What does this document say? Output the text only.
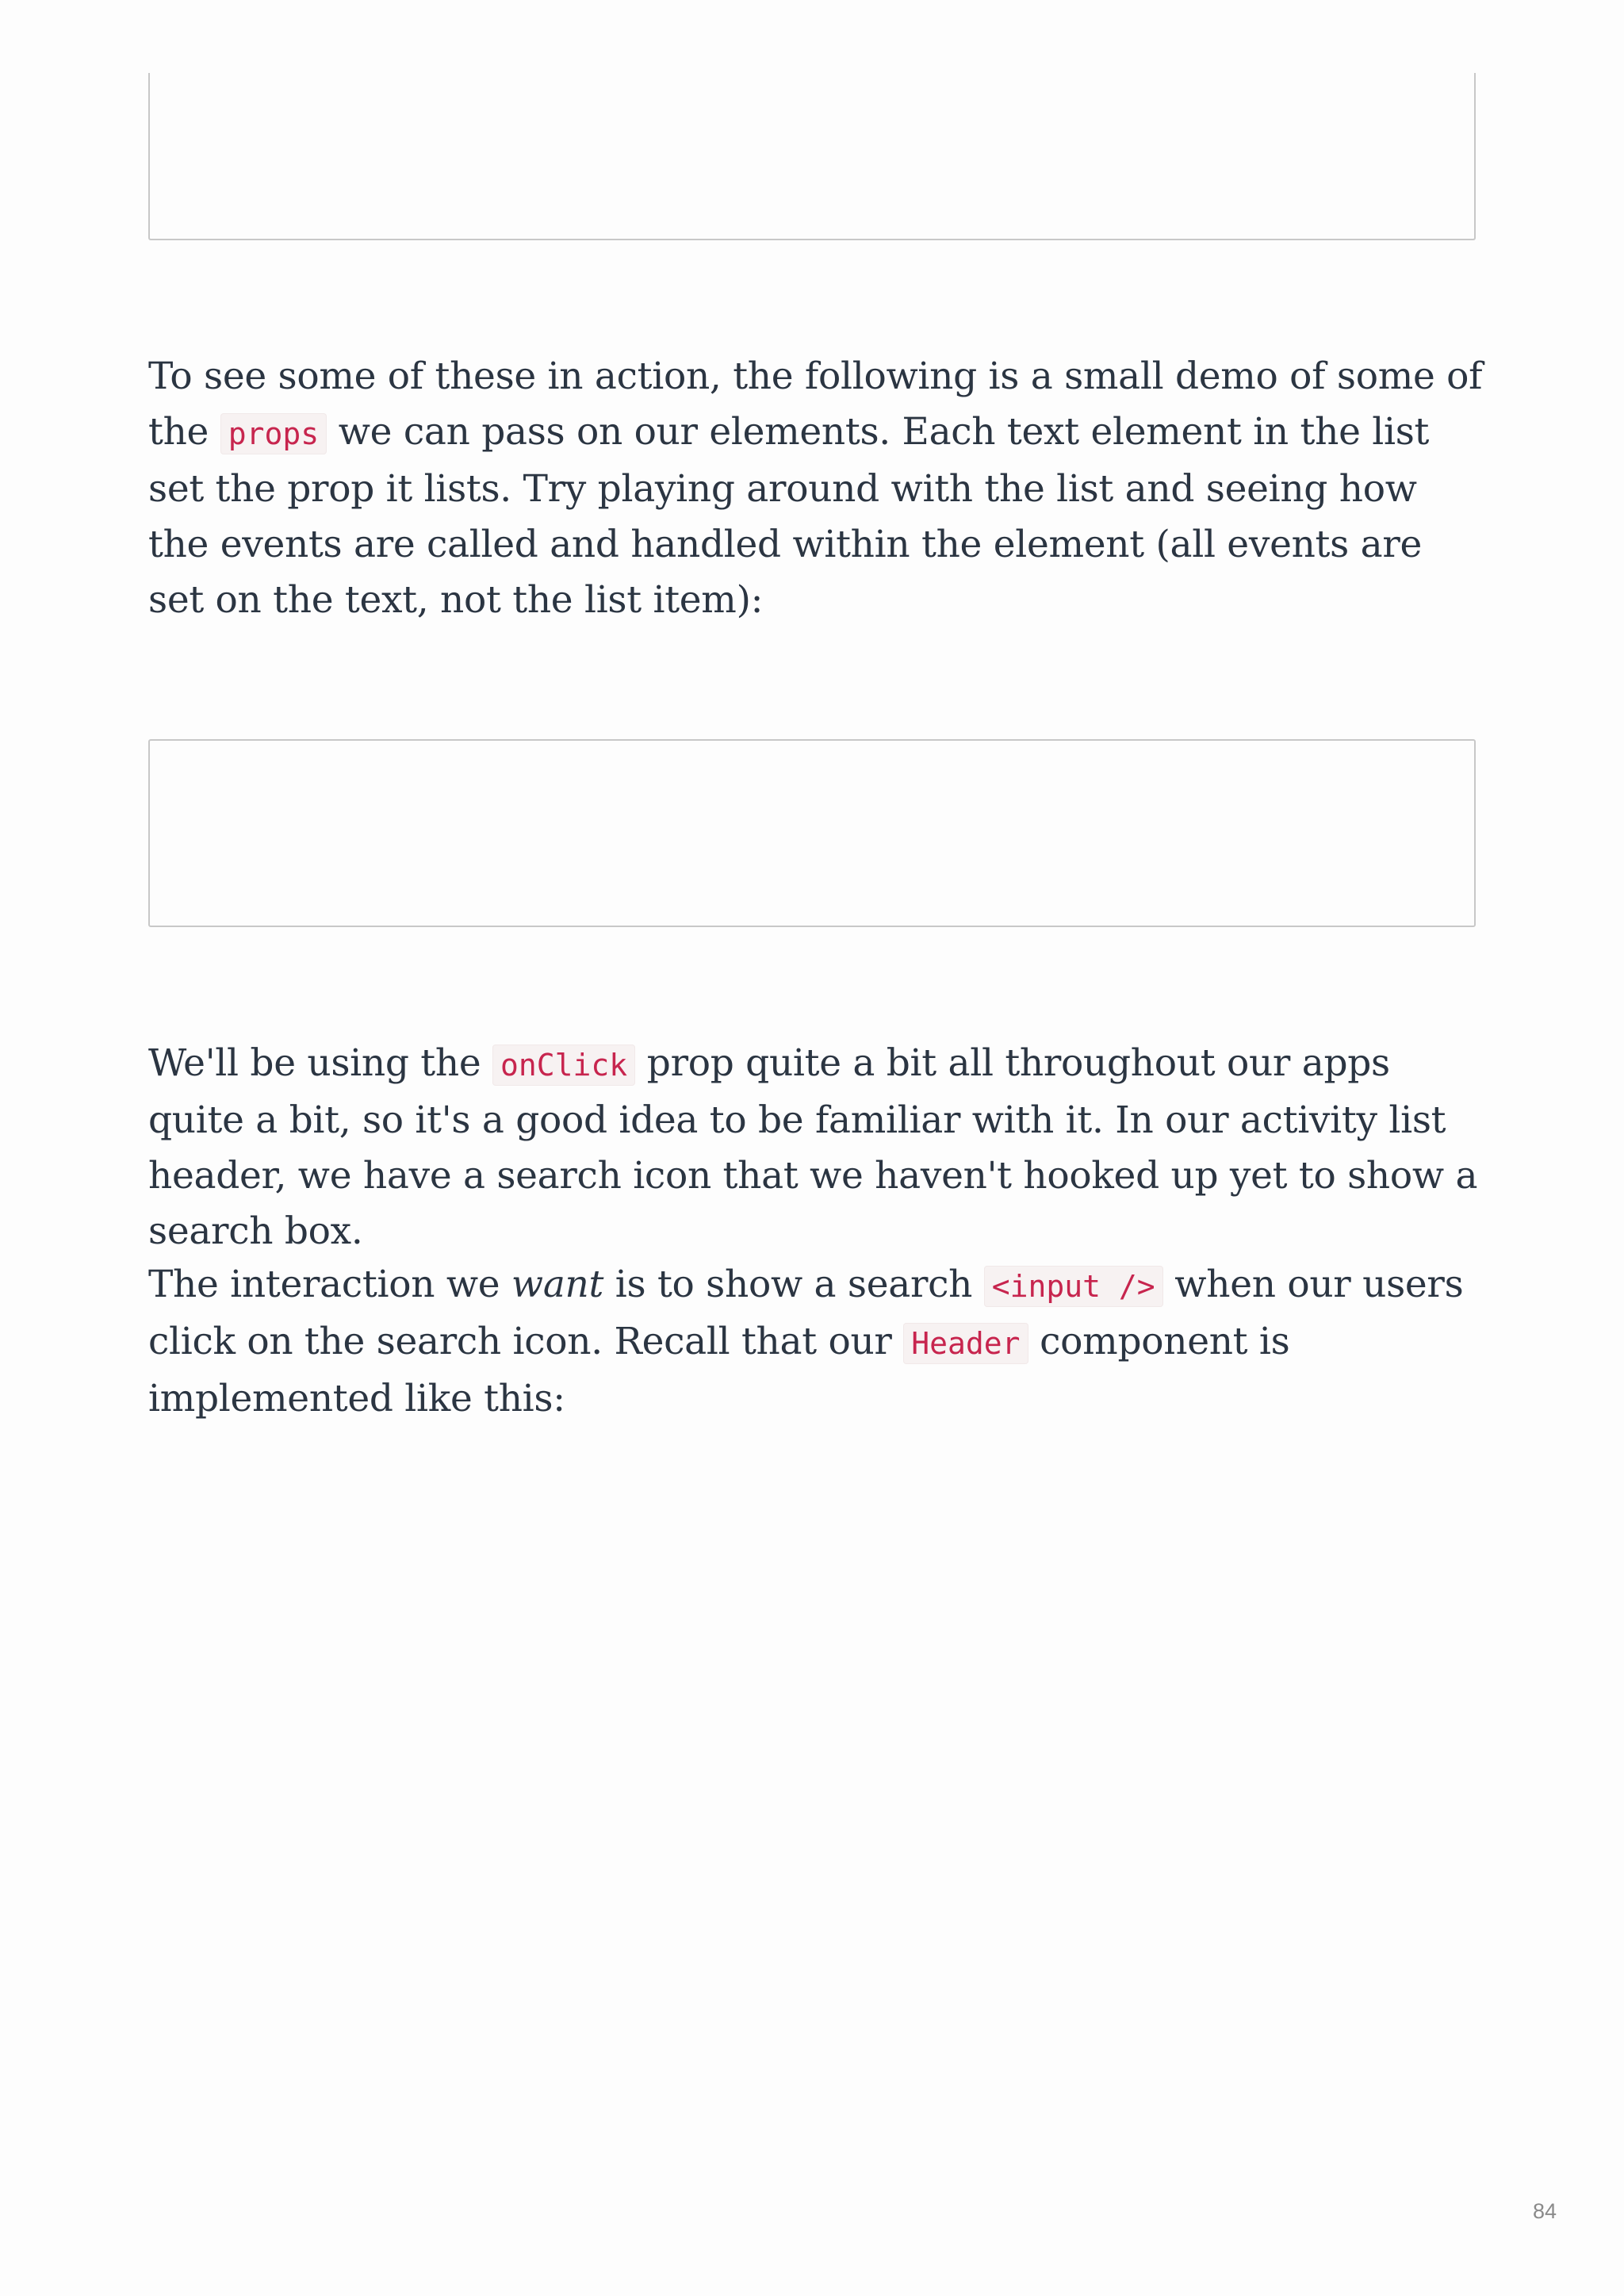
To see some of these in action, the following is a small demo of some of the props we can pass on our elements. Each text element in the list set the prop it lists. Try playing around with the list and seeing how the events are called and handled within the element (all events are set on the text, not the list item):

We'll be using the onClick prop quite a bit all throughout our apps quite a bit, so it's a good idea to be familiar with it. In our activity list header, we have a search icon that we haven't hooked up yet to show a search box.

The interaction we want is to show a search <input /> when our users click on the search icon. Recall that our Header component is implemented like this:

84
